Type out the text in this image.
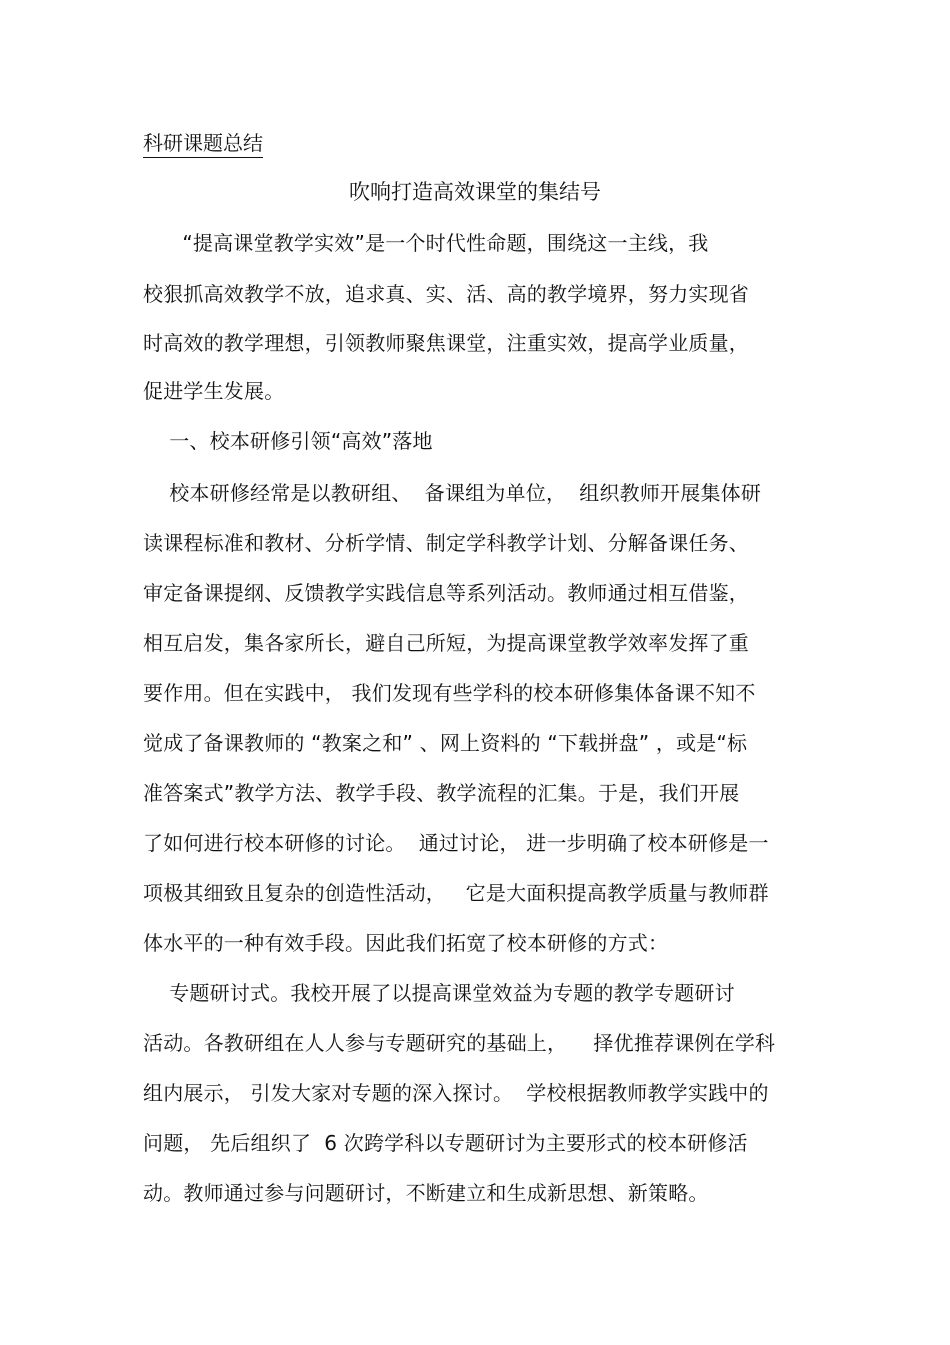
科研课题总结
吹响打造高效课堂的集结号
“提高课堂教学实效”是一个时代性命题，围绕这一主线，我
校狠抓高效教学不放，追求真、实、活、高的教学境界，努力实现省
时高效的教学理想，引领教师聚焦课堂，注重实效，提高学业质量，
促进学生发展。
一、校本研修引领“高效”落地
校本研修经常是以教研组、  备课组为单位，  组织教师开展集体研
读课程标准和教材、分析学情、制定学科教学计划、分解备课任务、
审定备课提纲、反馈教学实践信息等系列活动。教师通过相互借鉴，
相互启发，集各家所长，避自己所短，为提高课堂教学效率发挥了重
要作用。但在实践中， 我们发现有些学科的校本研修集体备课不知不
觉成了备课教师的 “教案之和” 、网上资料的 “下载拼盘” ，或是“标
准答案式”教学方法、教学手段、教学流程的汇集。于是，我们开展
了如何进行校本研修的讨论。  通过讨论， 进一步明确了校本研修是一
项极其细致且复杂的创造性活动，   它是大面积提高教学质量与教师群
体水平的一种有效手段。因此我们拓宽了校本研修的方式：
专题研讨式。我校开展了以提高课堂效益为专题的教学专题研讨
活动。各教研组在人人参与专题研究的基础上，    择优推荐课例在学科
组内展示， 引发大家对专题的深入探讨。  学校根据教师教学实践中的
问题， 先后组织了  6 次跨学科以专题研讨为主要形式的校本研修活
动。教师通过参与问题研讨，不断建立和生成新思想、新策略。
